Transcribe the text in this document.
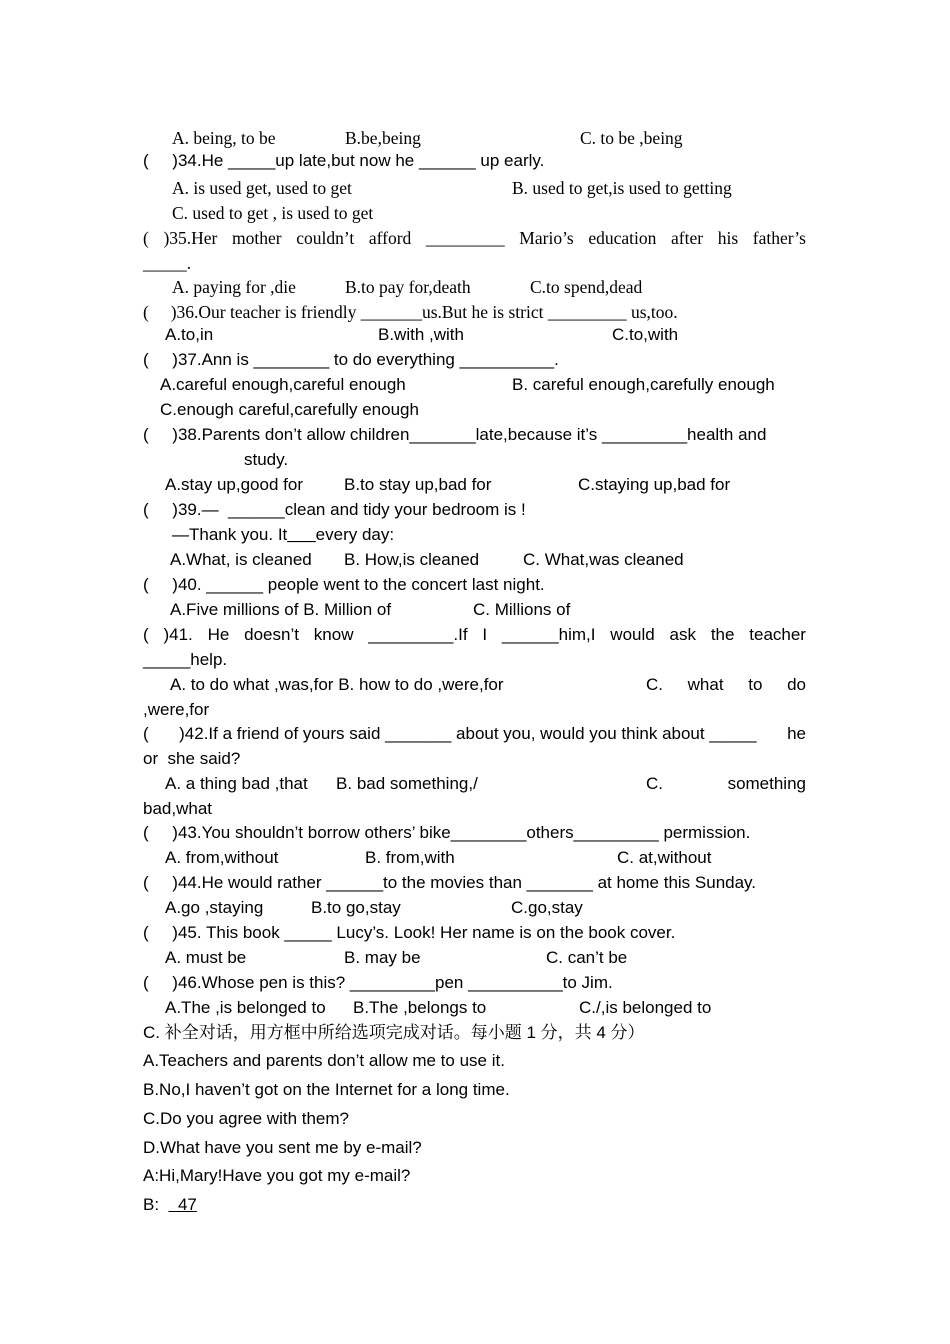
A. being, to be	B.be,being	C. to be ,being
(     )34.He _____up late,but now he ______ up early.
A. is used get, used to get	B. used to get,is used to getting
C. used to get , is used to get
( )35.Her mother couldn’t afford _________ Mario’s education after his father’s
_____.
A. paying for ,die	B.to pay for,death	C.to spend,dead
(     )36.Our teacher is friendly _______us.But he is strict _________ us,too.
A.to,in	B.with ,with	C.to,with
(     )37.Ann is ________ to do everything __________.
A.careful enough,careful enough	B. careful enough,carefully enough
C.enough careful,carefully enough
(     )38.Parents don’t allow children_______late,because it’s _________health and
study.
A.stay up,good for B.to stay up,bad for	C.staying up,bad for
(     )39.—  ______clean and tidy your bedroom is !
—Thank you. It___every day:
A.What, is cleaned B. How,is cleaned	C. What,was cleaned
(     )40. ______ people went to the concert last night.
A.Five millions of B. Million of	C. Millions of
( )41. He doesn’t know _________.If I ______him,I would ask the teacher
_____help.
A. to do what ,was,for B. how to do ,were,for	C. what to do
,were,for
( )42.If a friend of yours said _______ about you, would you think about _____ he
or  she said?
A. a thing bad ,that      B. bad something,/	C.	something
bad,what
(     )43.You shouldn’t borrow others’ bike________others_________ permission.
A. from,without	B. from,with	C. at,without
(     )44.He would rather ______to the movies than _______ at home this Sunday.
A.go ,staying	B.to go,stay	C.go,stay
(     )45. This book _____ Lucy’s. Look! Her name is on the book cover.
A. must be	B. may be	C. can’t be
(     )46.Whose pen is this? _________pen __________to Jim.
A.The ,is belonged to B.The ,belongs to	C./,is belonged to
C. 补全对话，用方框中所给选项完成对话。每小题 1 分，共 4 分）
A.Teachers and parents don’t allow me to use it.
B.No,I haven’t got on the Internet for a long time.
C.Do you agree with them?
D.What have you sent me by e-mail?
A:Hi,Mary!Have you got my e-mail?
B:    47
